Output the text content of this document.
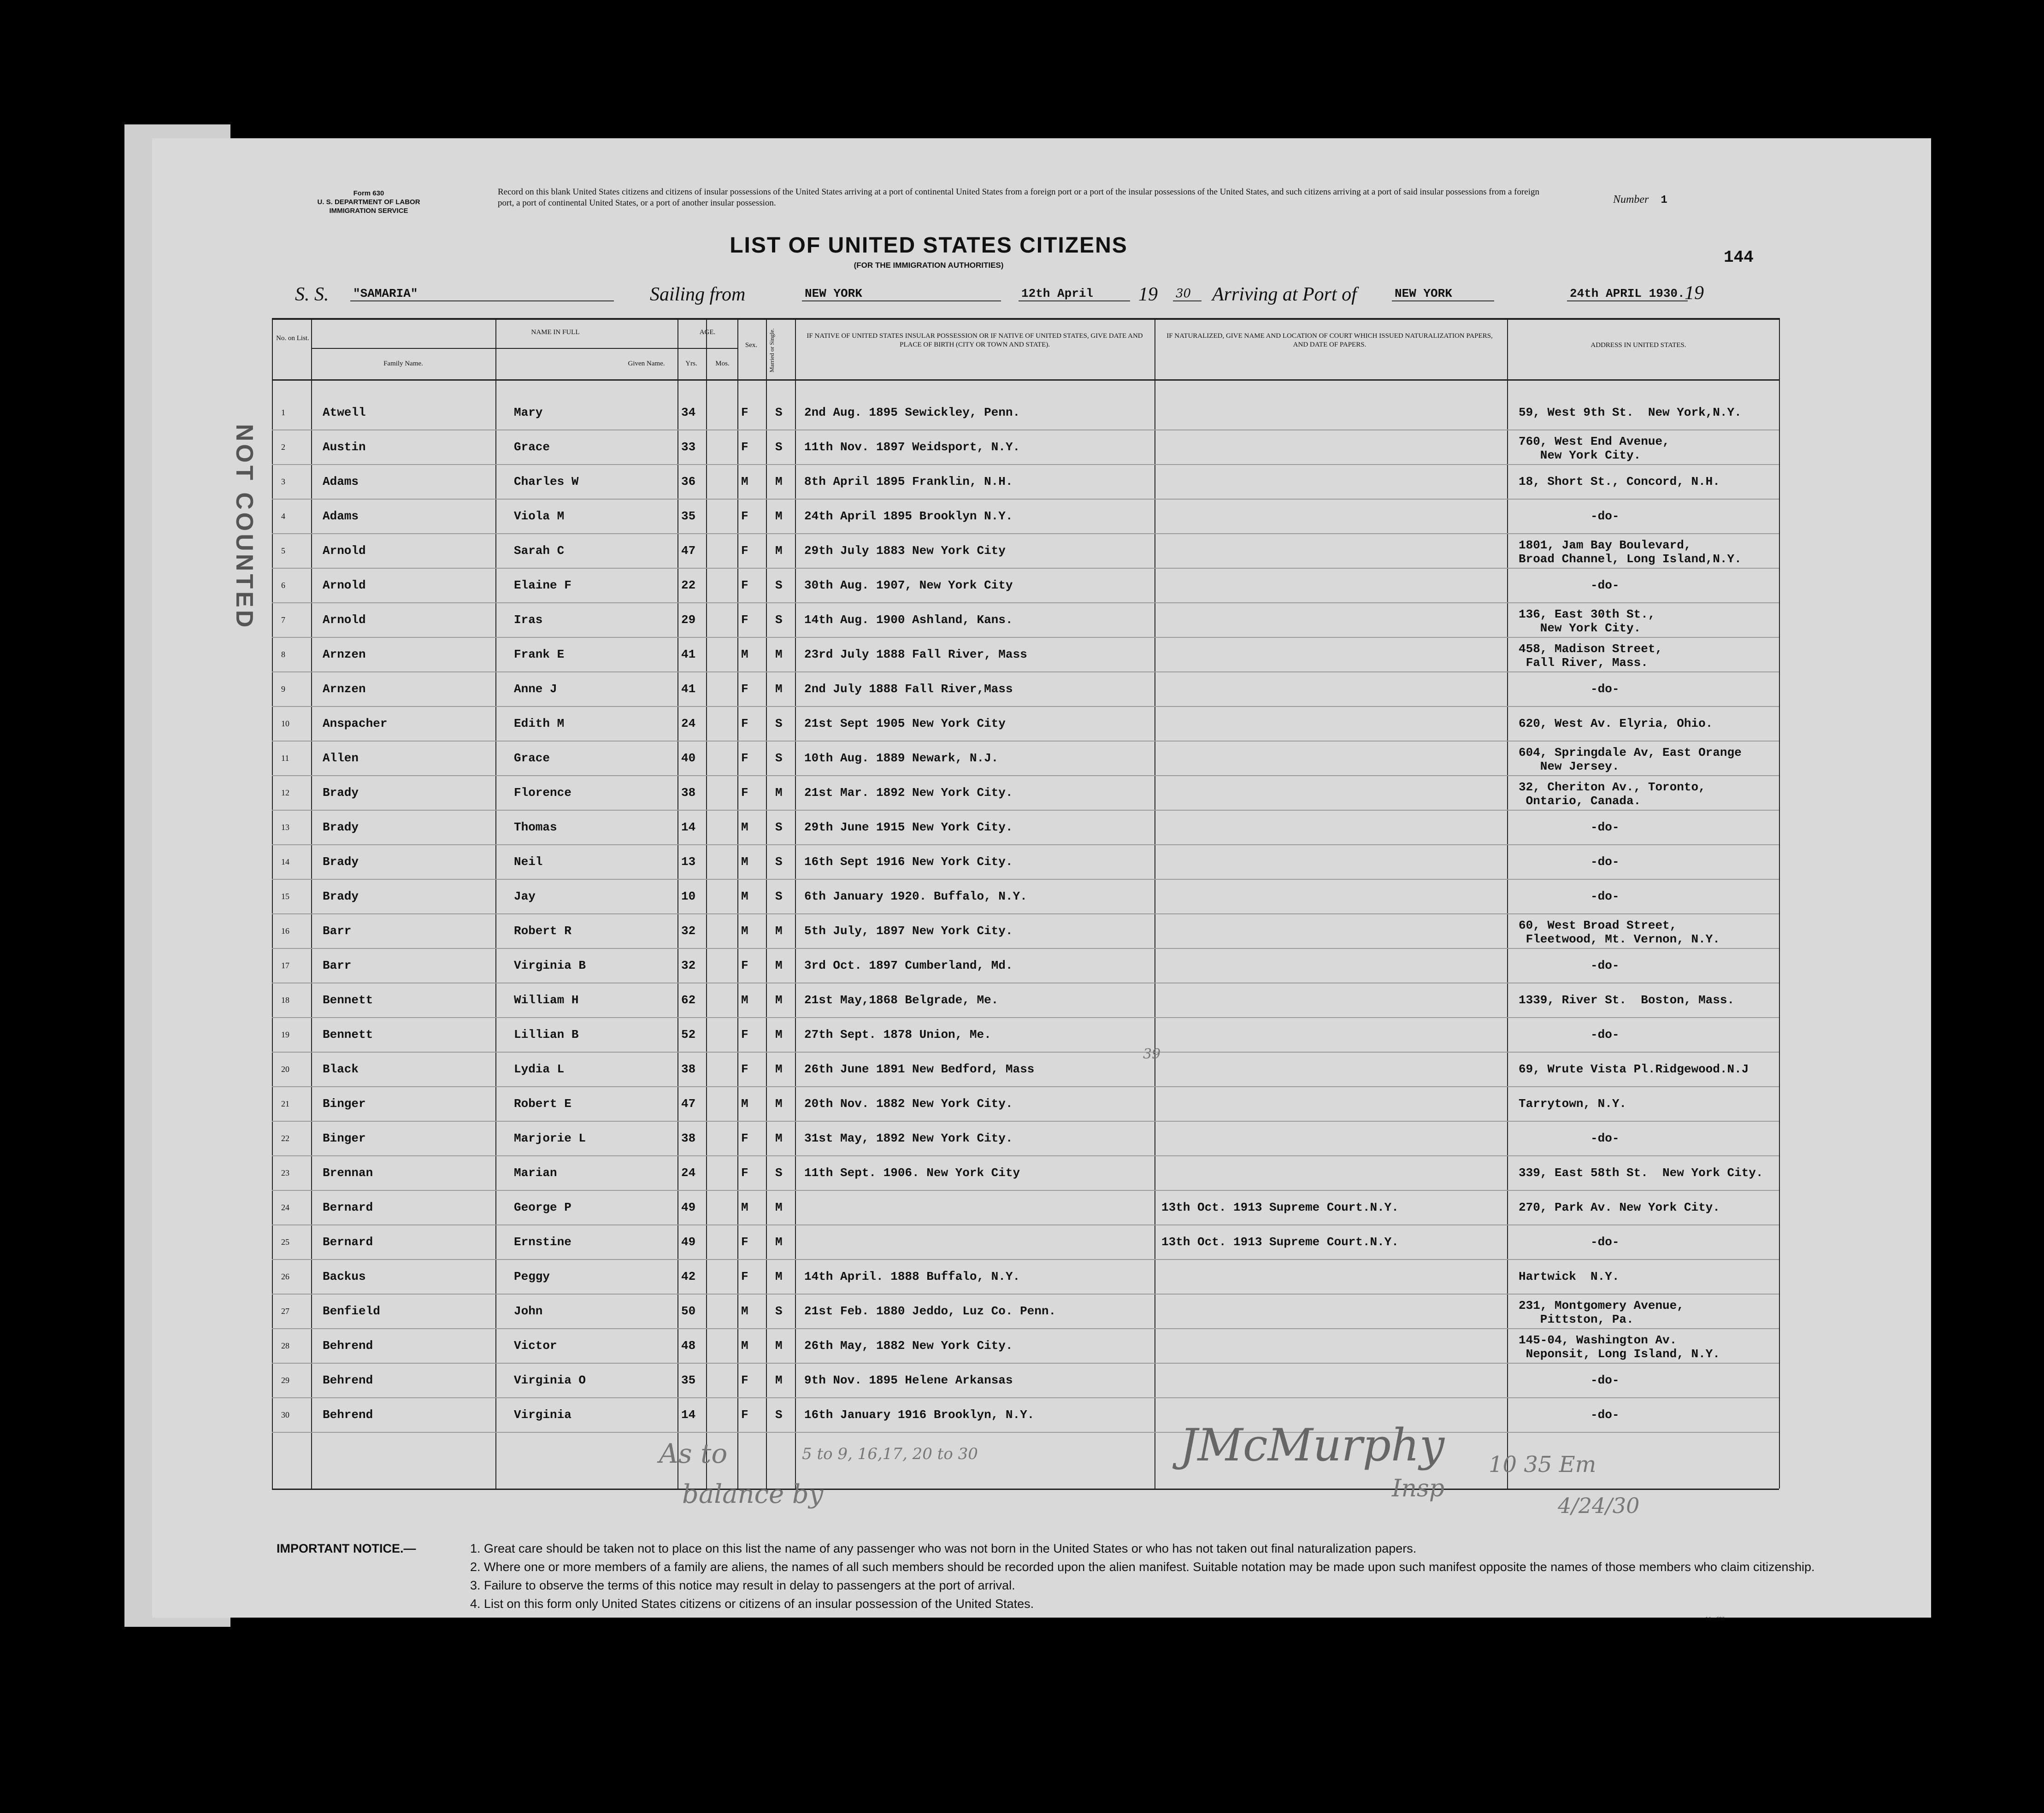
Form 630
U. S. DEPARTMENT OF LABOR
IMMIGRATION SERVICE
Record on this blank United States citizens and citizens of insular possessions of the United States arriving at a port of continental United States from a foreign port or a port of the insular possessions of the United States, and such citizens arriving at a port of said insular possessions from a foreign port, a port of continental United States, or a port of another insular possession.	Number 1
144
LIST OF UNITED STATES CITIZENS
(FOR THE IMMIGRATION AUTHORITIES)
S. S. "SAMARIA"	Sailing from	NEW YORK	12th April	19 30	Arriving at Port of	NEW YORK	24th APRIL 1930. 19
No. on List.
NAME IN FULL
Family Name.	Given Name.
AGE.
Yrs.	Mos.
Sex.	Married or Single.	IF NATIVE OF UNITED STATES INSULAR POSSESSION OR IF NATIVE OF UNITED STATES, GIVE DATE AND PLACE OF BIRTH (CITY OR TOWN AND STATE).
IF NATURALIZED, GIVE NAME AND LOCATION OF COURT WHICH ISSUED NATURALIZATION PAPERS, AND DATE OF PAPERS.	ADDRESS IN UNITED STATES.
1	Atwell	Mary	34	F S 2nd Aug. 1895 Sewickley, Penn.	59, West 9th St.  New York,N.Y.
2	Austin	Grace	33	F S 11th Nov. 1897 Weidsport, N.Y.	760, West End Avenue,
New York City.
3	Adams	Charles W	36	M M 8th April 1895 Franklin, N.H.	18, Short St., Concord, N.H.
4	Adams	Viola M	35	F M 24th April 1895 Brooklyn N.Y.	-do-
5	Arnold	Sarah C	47	F M 29th July 1883 New York City	1801, Jam Bay Boulevard,
Broad Channel, Long Island,N.Y.
6	Arnold	Elaine F	22	F S 30th Aug. 1907, New York City	-do-
7	Arnold	Iras	29	F S 14th Aug. 1900 Ashland, Kans.	136, East 30th St.,
New York City.
8	Arnzen	Frank E	41	M M 23rd July 1888 Fall River, Mass	458, Madison Street,
Fall River, Mass.
9	Arnzen	Anne J	41	F M 2nd July 1888 Fall River,Mass	-do-
10	Anspacher	Edith M	24	F S 21st Sept 1905 New York City	620, West Av. Elyria, Ohio.
11	Allen	Grace	40	F S 10th Aug. 1889 Newark, N.J.	604, Springdale Av, East Orange
New Jersey.
12	Brady	Florence	38	F M 21st Mar. 1892 New York City.	32, Cheriton Av., Toronto,
Ontario, Canada.
13	Brady	Thomas	14	M S 29th June 1915 New York City.	-do-
14	Brady	Neil	13	M S 16th Sept 1916 New York City.	-do-
15	Brady	Jay	10	M S 6th January 1920. Buffalo, N.Y.	-do-
16	Barr	Robert R	32	M M 5th July, 1897 New York City.	60, West Broad Street,
Fleetwood, Mt. Vernon, N.Y.
17	Barr	Virginia B	32	F M 3rd Oct. 1897 Cumberland, Md.	-do-
18	Bennett	William H	62	M M 21st May,1868 Belgrade, Me.	1339, River St.  Boston, Mass.
19	Bennett	Lillian B	52	F M 27th Sept. 1878 Union, Me.	-do-
20	Black	Lydia L	38	F M 26th June 1891 New Bedford, Mass	69, Wrute Vista Pl.Ridgewood.N.J
21	Binger	Robert E	47	M M 20th Nov. 1882 New York City.	Tarrytown, N.Y.
22	Binger	Marjorie L	38	F M 31st May, 1892 New York City.	-do-
23	Brennan	Marian	24	F S 11th Sept. 1906. New York City	339, East 58th St.  New York City.
24	Bernard	George P	49	M M	13th Oct. 1913 Supreme Court.N.Y.	270, Park Av. New York City.
25	Bernard	Ernstine	49	F M	13th Oct. 1913 Supreme Court.N.Y.	-do-
26	Backus	Peggy	42	F M 14th April. 1888 Buffalo, N.Y.	Hartwick  N.Y.
27	Benfield	John	50	M S 21st Feb. 1880 Jeddo, Luz Co. Penn.	231, Montgomery Avenue,
Pittston, Pa.
28	Behrend	Victor	48	M M 26th May, 1882 New York City.	145-04, Washington Av.
Neponsit, Long Island, N.Y.
29	Behrend	Virginia O	35	F M 9th Nov. 1895 Helene Arkansas	-do-
30	Behrend	Virginia	14	F S 16th January 1916 Brooklyn, N.Y.	-do-
NOT COUNTED
As to	5 to 9, 16,17, 20 to 30
balance by
JMcMurphy
Insp
10 35 Em
4/24/30
39
IMPORTANT NOTICE.—	1. Great care should be taken not to place on this list the name of any passenger who was not born in the United States or who has not taken out final naturalization papers.
2. Where one or more members of a family are aliens, the names of all such members should be recorded upon the alien manifest. Suitable notation may be made upon such manifest opposite the names of those members who claim citizenship.
3. Failure to observe the terms of this notice may result in delay to passengers at the port of arrival.
4. List on this form only United States citizens or citizens of an insular possession of the United States.
14—696
